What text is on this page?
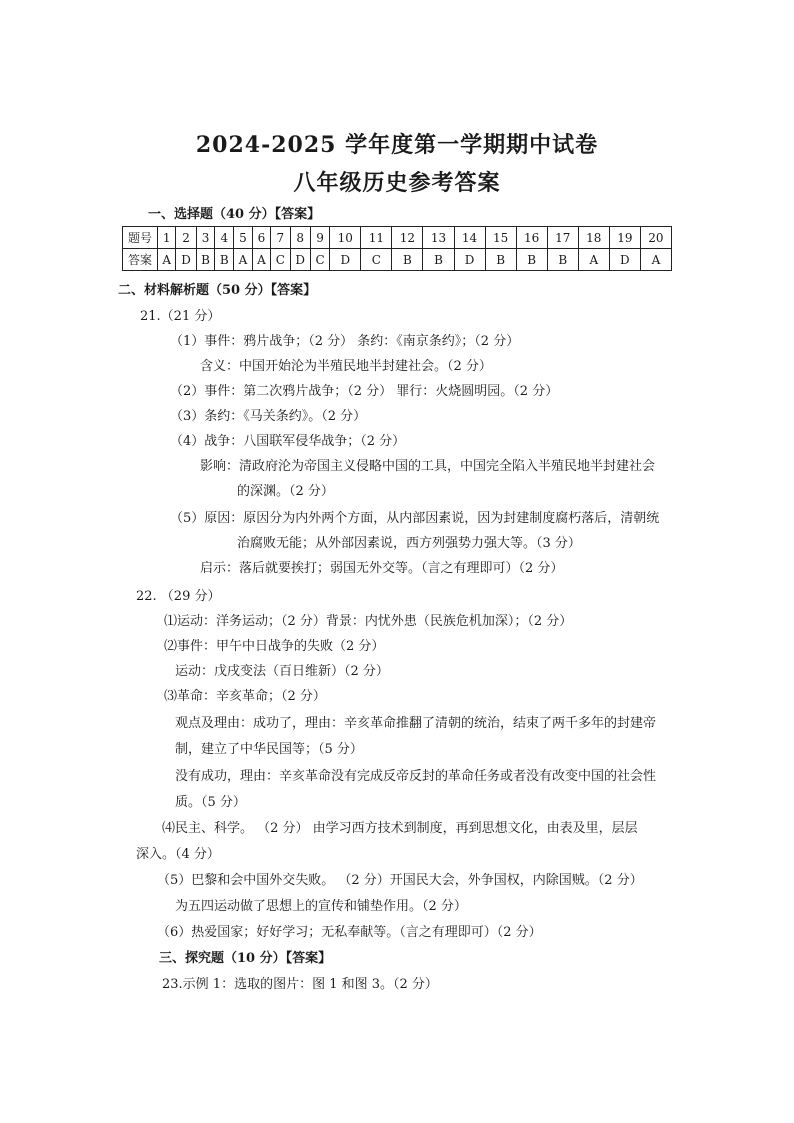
2024-2025 学年度第一学期期中试卷
八年级历史参考答案
一、选择题（40 分）【答案】
题号	1	2	3	4	5	6	7	8	9	10	11	12	13	14	15	16	17	18	19	20
答案	A	D	B	B	A	A	C	D	C	D	C	B	B	D	B	B	B	A	D	A
二、材料解析题（50 分）【答案】
21.（21 分）
（1）事件：鸦片战争；（2 分） 条约：《南京条约》；（2 分）
含义：中国开始沦为半殖民地半封建社会。（2 分）
（2）事件：第二次鸦片战争；（2 分） 罪行：火烧圆明园。（2 分）
（3）条约：《马关条约》。（2 分）
（4）战争：八国联军侵华战争；（2 分）
影响：清政府沦为帝国主义侵略中国的工具，中国完全陷入半殖民地半封建社会
的深渊。（2 分）
（5）原因：原因分为内外两个方面，从内部因素说，因为封建制度腐朽落后，清朝统
治腐败无能；从外部因素说，西方列强势力强大等。（3 分）
启示：落后就要挨打；弱国无外交等。（言之有理即可）（2 分）
22. （29 分）
⑴运动：洋务运动；（2 分）背景：内忧外患（民族危机加深）；（2 分）
⑵事件：甲午中日战争的失败（2 分）
运动：戊戌变法（百日维新）（2 分）
⑶革命：辛亥革命；（2 分）
观点及理由：成功了，理由：辛亥革命推翻了清朝的统治，结束了两千多年的封建帝
制，建立了中华民国等；（5 分）
没有成功，理由：辛亥革命没有完成反帝反封的革命任务或者没有改变中国的社会性
质。（5 分）
⑷民主、科学。 （2 分） 由学习西方技术到制度，再到思想文化，由表及里，层层
深入。（4 分）
（5）巴黎和会中国外交失败。 （2 分）开国民大会，外争国权，内除国贼。（2 分）
为五四运动做了思想上的宣传和铺垫作用。（2 分）
（6）热爱国家；好好学习；无私奉献等。（言之有理即可）（2 分）
三、探究题（10 分）【答案】
23.示例 1：选取的图片：图 1 和图 3。（2 分）
